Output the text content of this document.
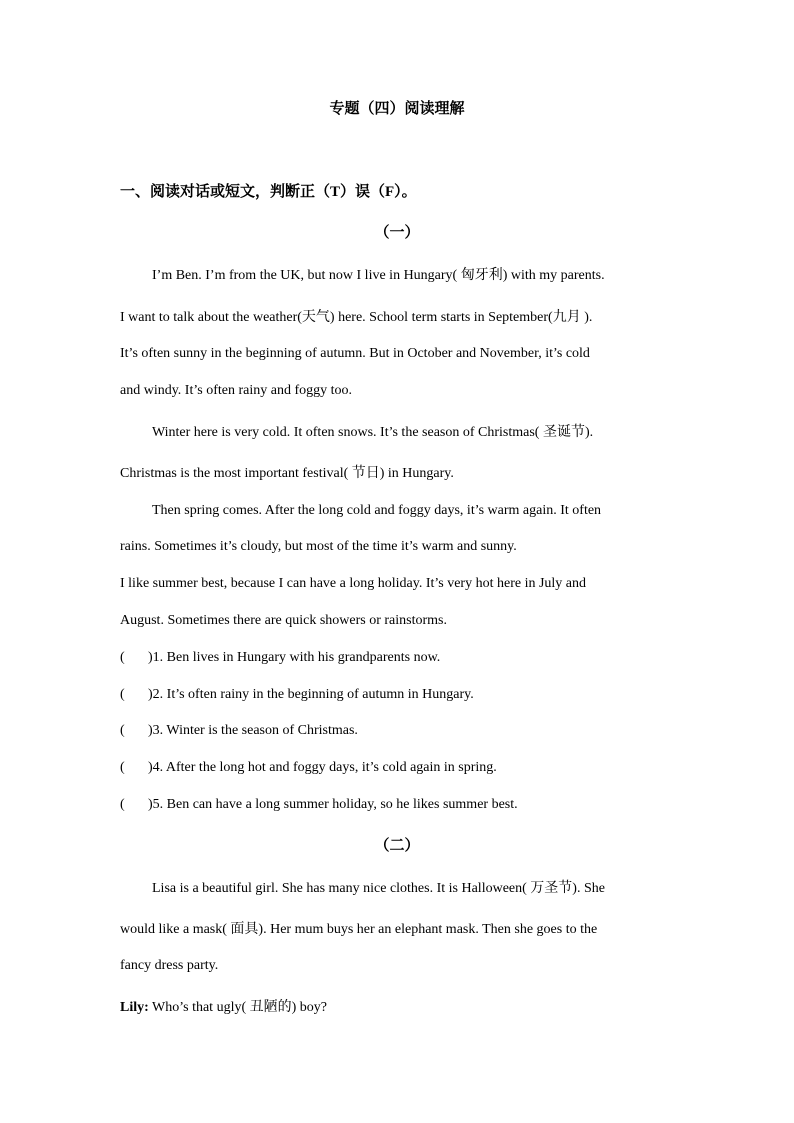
专题（四）阅读理解
一、阅读对话或短文，判断正（T）误（F）。
（一）
I’m Ben. I’m from the UK, but now I live in Hungary( 匈牙利) with my parents.
I want to talk about the weather(天气) here. School term starts in September(九月 ).
It’s often sunny in the beginning of autumn. But in October and November, it’s cold
and windy. It’s often rainy and foggy too.
Winter here is very cold. It often snows. It’s the season of Christmas( 圣诞节).
Christmas is the most important festival( 节日) in Hungary.
Then spring comes. After the long cold and foggy days, it’s warm again. It often
rains. Sometimes it’s cloudy, but most of the time it’s warm and sunny.
I like summer best, because I can have a long holiday. It’s very hot here in July and
August. Sometimes there are quick showers or rainstorms.
( )1. Ben lives in Hungary with his grandparents now.
( )2. It’s often rainy in the beginning of autumn in Hungary.
( )3. Winter is the season of Christmas.
( )4. After the long hot and foggy days, it’s cold again in spring.
( )5. Ben can have a long summer holiday, so he likes summer best.
（二）
Lisa is a beautiful girl. She has many nice clothes. It is Halloween( 万圣节). She
would like a mask( 面具). Her mum buys her an elephant mask. Then she goes to the
fancy dress party.
Lily: Who’s that ugly( 丑陋的) boy?
